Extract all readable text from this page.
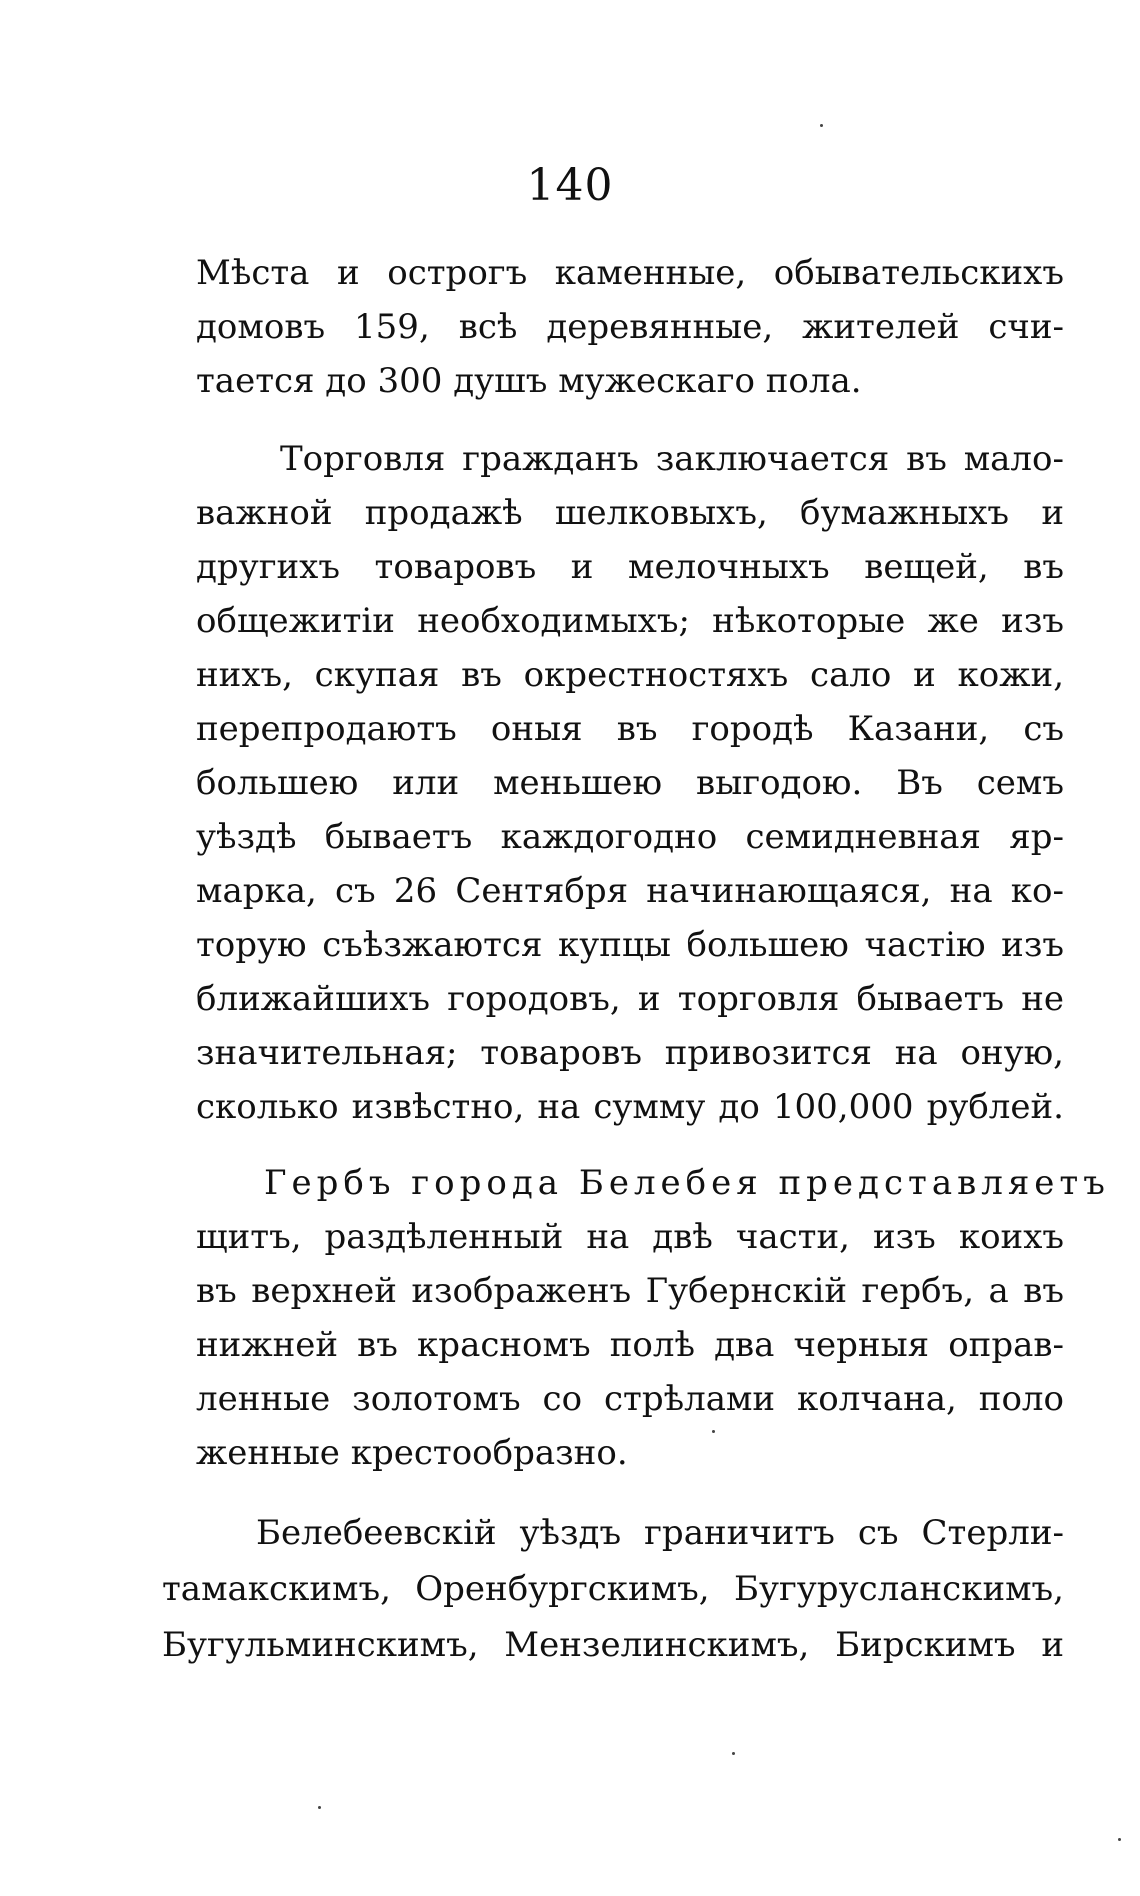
140
Мѣста и острогъ каменные, обывательскихъ
домовъ 159, всѣ деревянные, жителей счи-
тается до 300 душъ мужескаго пола.
Торговля гражданъ заключается въ мало-
важной продажѣ шелковыхъ, бумажныхъ и
другихъ товаровъ и мелочныхъ вещей, въ
общежитіи необходимыхъ; нѣкоторые же изъ
нихъ, скупая въ окрестностяхъ сало и кожи,
перепродаютъ оныя въ городѣ Казани, съ
большею или меньшею выгодою. Въ семъ
уѣздѣ бываетъ каждогодно семидневная яр-
марка, съ 26 Сентября начинающаяся, на ко-
торую съѣзжаются купцы большею частію изъ
ближайшихъ городовъ, и торговля бываетъ не
значительная; товаровъ привозится на оную,
сколько извѣстно, на сумму до 100,000 рублей.
Гербъ города Белебея представляетъ
щитъ, раздѣленный на двѣ части, изъ коихъ
въ верхней изображенъ Губернскій гербъ, а въ
нижней въ красномъ полѣ два черныя оправ-
ленные золотомъ со стрѣлами колчана, поло
женные крестообразно.
Белебеевскій уѣздъ граничитъ съ Стерли-
тамакскимъ, Оренбургскимъ, Бугурусланскимъ,
Бугульминскимъ, Мензелинскимъ, Бирскимъ и
